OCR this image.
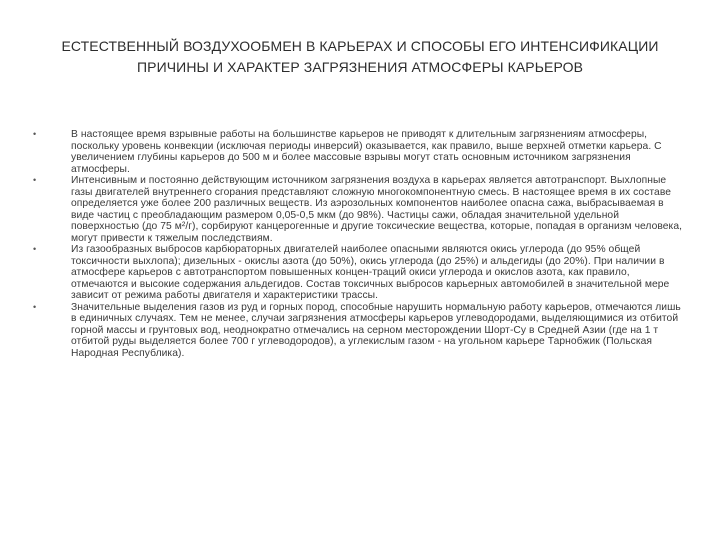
ЕСТЕСТВЕННЫЙ ВОЗДУХООБМЕН В КАРЬЕРАХ И СПОСОБЫ ЕГО ИНТЕНСИФИКАЦИИ
ПРИЧИНЫ И ХАРАКТЕР ЗАГРЯЗНЕНИЯ АТМОСФЕРЫ КАРЬЕРОВ
•	В настоящее время взрывные работы на большинстве карьеров не приводят к длительным загрязнениям атмосферы, поскольку уровень конвекции (исключая периоды инверсий) оказывается, как правило, выше верхней отметки карьера. С увеличением глубины карьеров до 500 м и более массовые взрывы могут стать основным источником загрязнения атмосферы.
•	Интенсивным и постоянно действующим источником загрязнения воздуха в карьерах является автотранспорт. Выхлопные газы двигателей внутреннего сгорания представляют сложную многокомпонентную смесь. В настоящее время в их составе определяется уже более 200 различных веществ. Из аэрозольных компонентов наиболее опасна сажа, выбрасываемая в виде частиц с преобладающим размером 0,05-0,5 мкм (до 98%). Частицы сажи, обладая значительной удельной поверхностью (до 75 м²/г), сорбируют канцерогенные и другие токсические вещества, которые, попадая в организм человека, могут привести к тяжелым последствиям.
•	Из газообразных выбросов карбюраторных двигателей наиболее опасными являются окись углерода (до 95% общей токсичности выхлопа); дизельных - окислы азота (до 50%), окись углерода (до 25%) и альдегиды (до 20%). При наличии в атмосфере карьеров с автотранспортом повышенных концен-траций окиси углерода и окислов азота, как правило, отмечаются и высокие содержания альдегидов. Состав токсичных выбросов карьерных автомобилей в значительной мере зависит от режима работы двигателя и характеристики трассы.
•	Значительные выделения газов из руд и горных пород, способные нарушить нормальную работу карьеров, отмечаются лишь в единичных случаях. Тем не менее, случаи загрязнения атмосферы карьеров углеводородами, выделяющимися из отбитой горной массы и грунтовых вод, неоднократно отмечались на серном месторождении Шорт-Су в Средней Азии (где на 1 т отбитой руды выделяется более 700 г углеводородов), а углекислым газом - на угольном карьере Тарнобжик (Польская Народная Республика).
